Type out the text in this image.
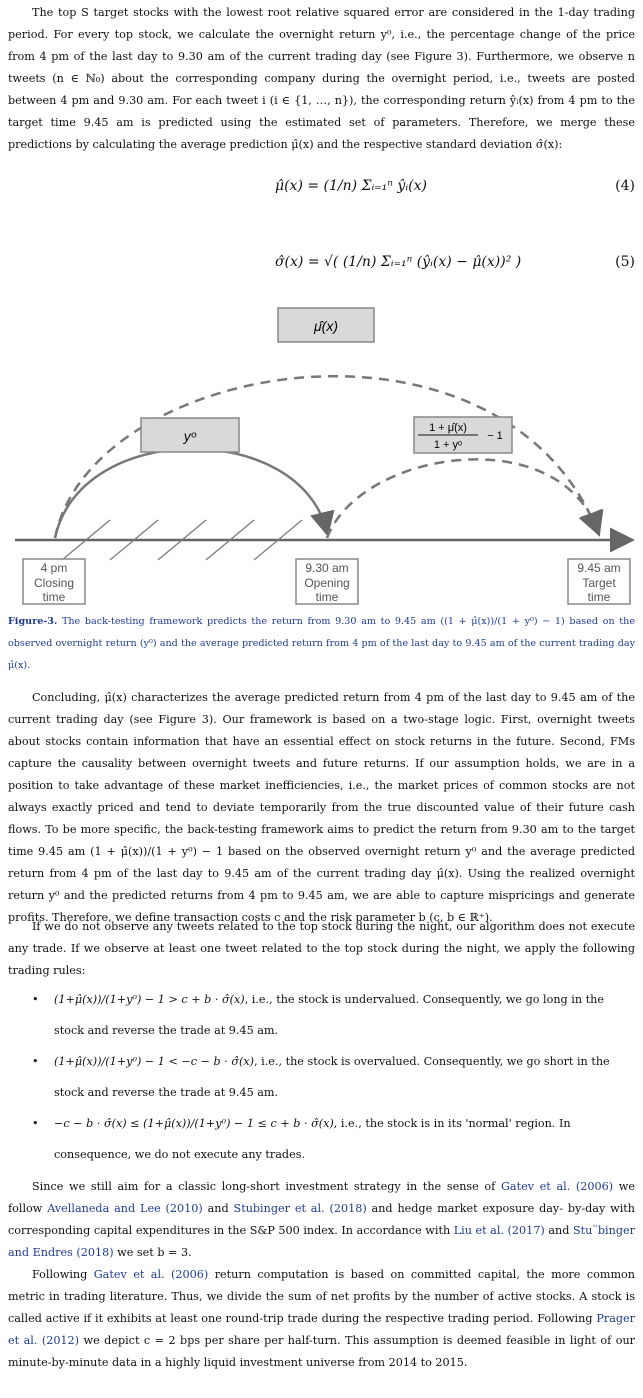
The top S target stocks with the lowest root relative squared error are considered in the 1-day trading period. For every top stock, we calculate the overnight return y⁰, i.e., the percentage change of the price from 4 pm of the last day to 9.30 am of the current trading day (see Figure 3). Furthermore, we observe n tweets (n ∈ ℕ₀) about the corresponding company during the overnight period, i.e., tweets are posted between 4 pm and 9.30 am. For each tweet i (i ∈ {1, …, n}), the corresponding return ŷᵢ(x) from 4 pm to the target time 9.45 am is predicted using the estimated set of parameters. Therefore, we merge these predictions by calculating the average prediction μ̂(x) and the respective standard deviation σ̂(x):

μ̂(x) = (1/n) Σᵢ₌₁ⁿ ŷᵢ(x)	(4)
σ̂(x) = √( (1/n) Σᵢ₌₁ⁿ (ŷᵢ(x) − μ̂(x))² )	(5)
μ̂(x)
yᵒ	1 + μ̂(x)
1 + yᵒ
− 1
4 pm
Closing
time
9.30 am
Opening
time
9.45 am
Target
time

Figure-3. The back-testing framework predicts the return from 9.30 am to 9.45 am ((1 + μ̂(x))/(1 + y⁰) − 1) based on the observed overnight return (y⁰) and the average predicted return from 4 pm of the last day to 9.45 am of the current trading day μ̂(x).

Concluding, μ̂(x) characterizes the average predicted return from 4 pm of the last day to 9.45 am of the current trading day (see Figure 3). Our framework is based on a two-stage logic. First, overnight tweets about stocks contain information that have an essential effect on stock returns in the future. Second, FMs capture the causality between overnight tweets and future returns. If our assumption holds, we are in a position to take advantage of these market inefficiencies, i.e., the market prices of common stocks are not always exactly priced and tend to deviate temporarily from the true discounted value of their future cash flows. To be more specific, the back-testing framework aims to predict the return from 9.30 am to the target time 9.45 am (1 + μ̂(x))/(1 + y⁰) − 1 based on the observed overnight return y⁰ and the average predicted return from 4 pm of the last day to 9.45 am of the current trading day μ̂(x). Using the realized overnight return y⁰ and the predicted returns from 4 pm to 9.45 am, we are able to capture mispricings and generate profits. Therefore, we define transaction costs c and the risk parameter b (c, b ∈ ℝ⁺).

If we do not observe any tweets related to the top stock during the night, our algorithm does not execute any trade. If we observe at least one tweet related to the top stock during the night, we apply the following trading rules:

• (1+μ̂(x))/(1+y⁰) − 1 > c + b · σ̂(x), i.e., the stock is undervalued. Consequently, we go long in the stock and reverse the trade at 9.45 am.
• (1+μ̂(x))/(1+y⁰) − 1 < −c − b · σ̂(x), i.e., the stock is overvalued. Consequently, we go short in the stock and reverse the trade at 9.45 am.
• −c − b · σ̂(x) ≤ (1+μ̂(x))/(1+y⁰) − 1 ≤ c + b · σ̂(x), i.e., the stock is in its 'normal' region. In consequence, we do not execute any trades.

Since we still aim for a classic long-short investment strategy in the sense of Gatev et al. (2006) we follow Avellaneda and Lee (2010) and Stubinger et al. (2018) and hedge market exposure day- by-day with corresponding capital expenditures in the S&P 500 index. In accordance with Liu et al. (2017) and Stu¨binger and Endres (2018) we set b = 3.

Following Gatev et al. (2006) return computation is based on committed capital, the more common metric in trading literature. Thus, we divide the sum of net profits by the number of active stocks. A stock is called active if it exhibits at least one round-trip trade during the respective trading period. Following Prager et al. (2012) we depict c = 2 bps per share per half-turn. This assumption is deemed feasible in light of our minute-by-minute data in a highly liquid investment universe from 2014 to 2015.
